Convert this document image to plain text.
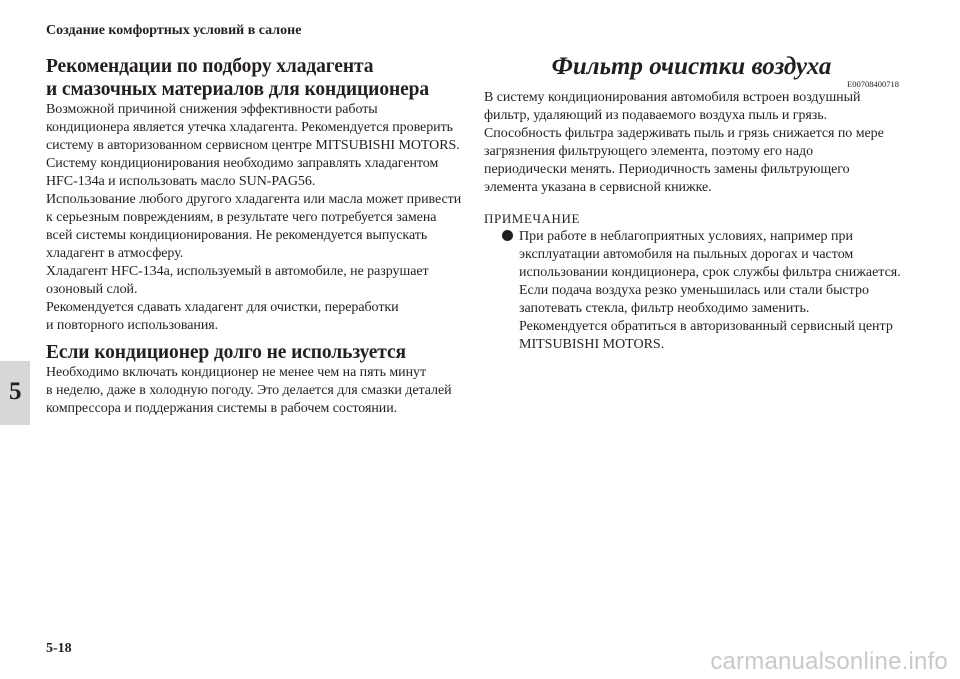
Создание комфортных условий в салоне
5
Рекомендации по подбору хладагента
и смазочных материалов для кондиционера
Возможной причиной снижения эффективности работы
кондиционера является утечка хладагента. Рекомендуется проверить
систему в авторизованном сервисном центре MITSUBISHI MOTORS.
Систему кондиционирования необходимо заправлять хладагентом
HFC-134a и использовать масло SUN-PAG56.
Использование любого другого хладагента или масла может привести
к серьезным повреждениям, в результате чего потребуется замена
всей системы кондиционирования. Не рекомендуется выпускать
хладагент в атмосферу.
Хладагент HFC-134a, используемый в автомобиле, не разрушает
озоновый слой.
Рекомендуется сдавать хладагент для очистки, переработки
и повторного использования.
Если кондиционер долго не используется
Необходимо включать кондиционер не менее чем на пять минут
в неделю, даже в холодную погоду. Это делается для смазки деталей
компрессора и поддержания системы в рабочем состоянии.
Фильтр очистки воздуха
E00708400718
В систему кондиционирования автомобиля встроен воздушный
фильтр, удаляющий из подаваемого воздуха пыль и грязь.
Способность фильтра задерживать пыль и грязь снижается по мере
загрязнения фильтрующего элемента, поэтому его надо
периодически менять. Периодичность замены фильтрующего
элемента указана в сервисной книжке.
ПРИМЕЧАНИЕ
При работе в неблагоприятных условиях, например при
эксплуатации автомобиля на пыльных дорогах и частом
использовании кондиционера, срок службы фильтра снижается.
Если подача воздуха резко уменьшилась или стали быстро
запотевать стекла, фильтр необходимо заменить.
Рекомендуется обратиться в авторизованный сервисный центр
MITSUBISHI MOTORS.
5-18	carmanualsonline.info
